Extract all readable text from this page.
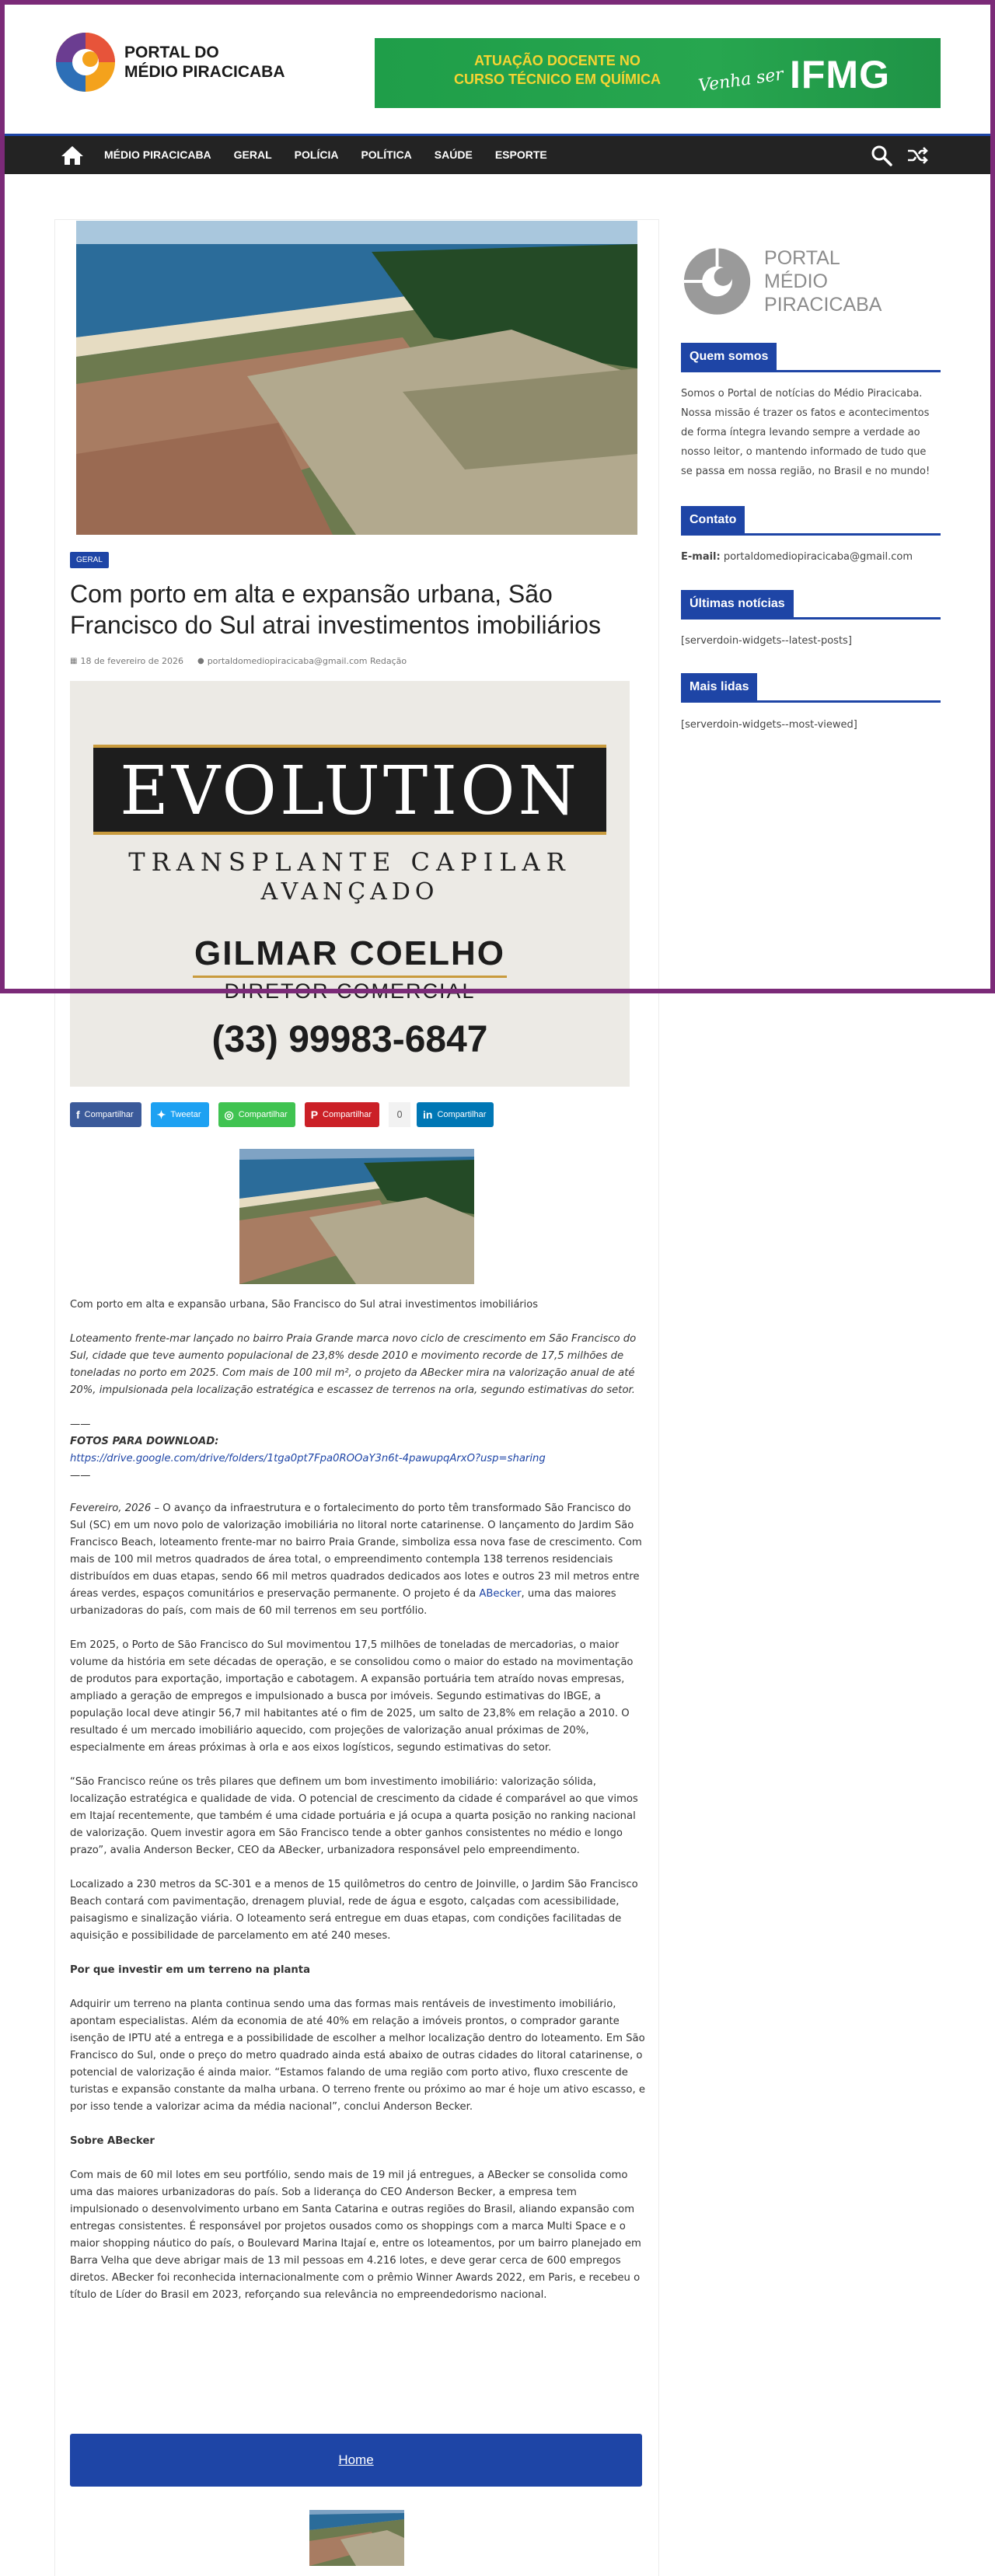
PORTAL DO
MÉDIO PIRACICABA
ATUAÇÃO DOCENTE NO
CURSO TÉCNICO EM QUÍMICA	Venha ser IFMG
MÉDIO PIRACICABA GERAL POLÍCIA POLÍTICA SAÚDE ESPORTE
GERAL
Com porto em alta e expansão urbana, São Francisco do Sul atrai investimentos imobiliários
▦ 18 de fevereiro de 2026 ● portaldomediopiracicaba@gmail.com Redação
EVOLUTION
TRANSPLANTE CAPILAR
AVANÇADO
GILMAR COELHO
DIRETOR COMERCIAL
(33) 99983-6847
f Compartilhar ✦ Tweetar ◎ Compartilhar P Compartilhar	0	in Compartilhar
Com porto em alta e expansão urbana, São Francisco do Sul atrai investimentos imobiliários

Loteamento frente-mar lançado no bairro Praia Grande marca novo ciclo de crescimento em São Francisco do Sul, cidade que teve aumento populacional de 23,8% desde 2010 e movimento recorde de 17,5 milhões de toneladas no porto em 2025. Com mais de 100 mil m², o projeto da ABecker mira na valorização anual de até 20%, impulsionada pela localização estratégica e escassez de terrenos na orla, segundo estimativas do setor.

——
FOTOS PARA DOWNLOAD:
https://drive.google.com/drive/folders/1tga0pt7Fpa0ROOaY3n6t-4pawupqArxO?usp=sharing
——

Fevereiro, 2026 – O avanço da infraestrutura e o fortalecimento do porto têm transformado São Francisco do Sul (SC) em um novo polo de valorização imobiliária no litoral norte catarinense. O lançamento do Jardim São Francisco Beach, loteamento frente-mar no bairro Praia Grande, simboliza essa nova fase de crescimento. Com mais de 100 mil metros quadrados de área total, o empreendimento contempla 138 terrenos residenciais distribuídos em duas etapas, sendo 66 mil metros quadrados dedicados aos lotes e outros 23 mil metros entre áreas verdes, espaços comunitários e preservação permanente. O projeto é da ABecker, uma das maiores urbanizadoras do país, com mais de 60 mil terrenos em seu portfólio.

Em 2025, o Porto de São Francisco do Sul movimentou 17,5 milhões de toneladas de mercadorias, o maior volume da história em sete décadas de operação, e se consolidou como o maior do estado na movimentação de produtos para exportação, importação e cabotagem. A expansão portuária tem atraído novas empresas, ampliado a geração de empregos e impulsionado a busca por imóveis. Segundo estimativas do IBGE, a população local deve atingir 56,7 mil habitantes até o fim de 2025, um salto de 23,8% em relação a 2010. O resultado é um mercado imobiliário aquecido, com projeções de valorização anual próximas de 20%, especialmente em áreas próximas à orla e aos eixos logísticos, segundo estimativas do setor.

“São Francisco reúne os três pilares que definem um bom investimento imobiliário: valorização sólida, localização estratégica e qualidade de vida. O potencial de crescimento da cidade é comparável ao que vimos em Itajaí recentemente, que também é uma cidade portuária e já ocupa a quarta posição no ranking nacional de valorização. Quem investir agora em São Francisco tende a obter ganhos consistentes no médio e longo prazo”, avalia Anderson Becker, CEO da ABecker, urbanizadora responsável pelo empreendimento.

Localizado a 230 metros da SC-301 e a menos de 15 quilômetros do centro de Joinville, o Jardim São Francisco Beach contará com pavimentação, drenagem pluvial, rede de água e esgoto, calçadas com acessibilidade, paisagismo e sinalização viária. O loteamento será entregue em duas etapas, com condições facilitadas de aquisição e possibilidade de parcelamento em até 240 meses.

Por que investir em um terreno na planta

Adquirir um terreno na planta continua sendo uma das formas mais rentáveis de investimento imobiliário, apontam especialistas. Além da economia de até 40% em relação a imóveis prontos, o comprador garante isenção de IPTU até a entrega e a possibilidade de escolher a melhor localização dentro do loteamento. Em São Francisco do Sul, onde o preço do metro quadrado ainda está abaixo de outras cidades do litoral catarinense, o potencial de valorização é ainda maior. “Estamos falando de uma região com porto ativo, fluxo crescente de turistas e expansão constante da malha urbana. O terreno frente ou próximo ao mar é hoje um ativo escasso, e por isso tende a valorizar acima da média nacional”, conclui Anderson Becker.

Sobre ABecker

Com mais de 60 mil lotes em seu portfólio, sendo mais de 19 mil já entregues, a ABecker se consolida como uma das maiores urbanizadoras do país. Sob a liderança do CEO Anderson Becker, a empresa tem impulsionado o desenvolvimento urbano em Santa Catarina e outras regiões do Brasil, aliando expansão com entregas consistentes. É responsável por projetos ousados como os shoppings com a marca Multi Space e o maior shopping náutico do país, o Boulevard Marina Itajaí e, entre os loteamentos, por um bairro planejado em Barra Velha que deve abrigar mais de 13 mil pessoas em 4.216 lotes, e deve gerar cerca de 600 empregos diretos. ABecker foi reconhecida internacionalmente com o prêmio Winner Awards 2022, em Paris, e recebeu o título de Líder do Brasil em 2023, reforçando sua relevância no empreendedorismo nacional.

Home
PORTAL
MÉDIO PIRACICABA
Quem somos
Somos o Portal de notícias do Médio Piracicaba. Nossa missão é trazer os fatos e acontecimentos de forma íntegra levando sempre a verdade ao nosso leitor, o mantendo informado de tudo que se passa em nossa região, no Brasil e no mundo!
Contato
E-mail: portaldomediopiracicaba@gmail.com
Últimas notícias
[serverdoin-widgets--latest-posts]
Mais lidas
[serverdoin-widgets--most-viewed]
